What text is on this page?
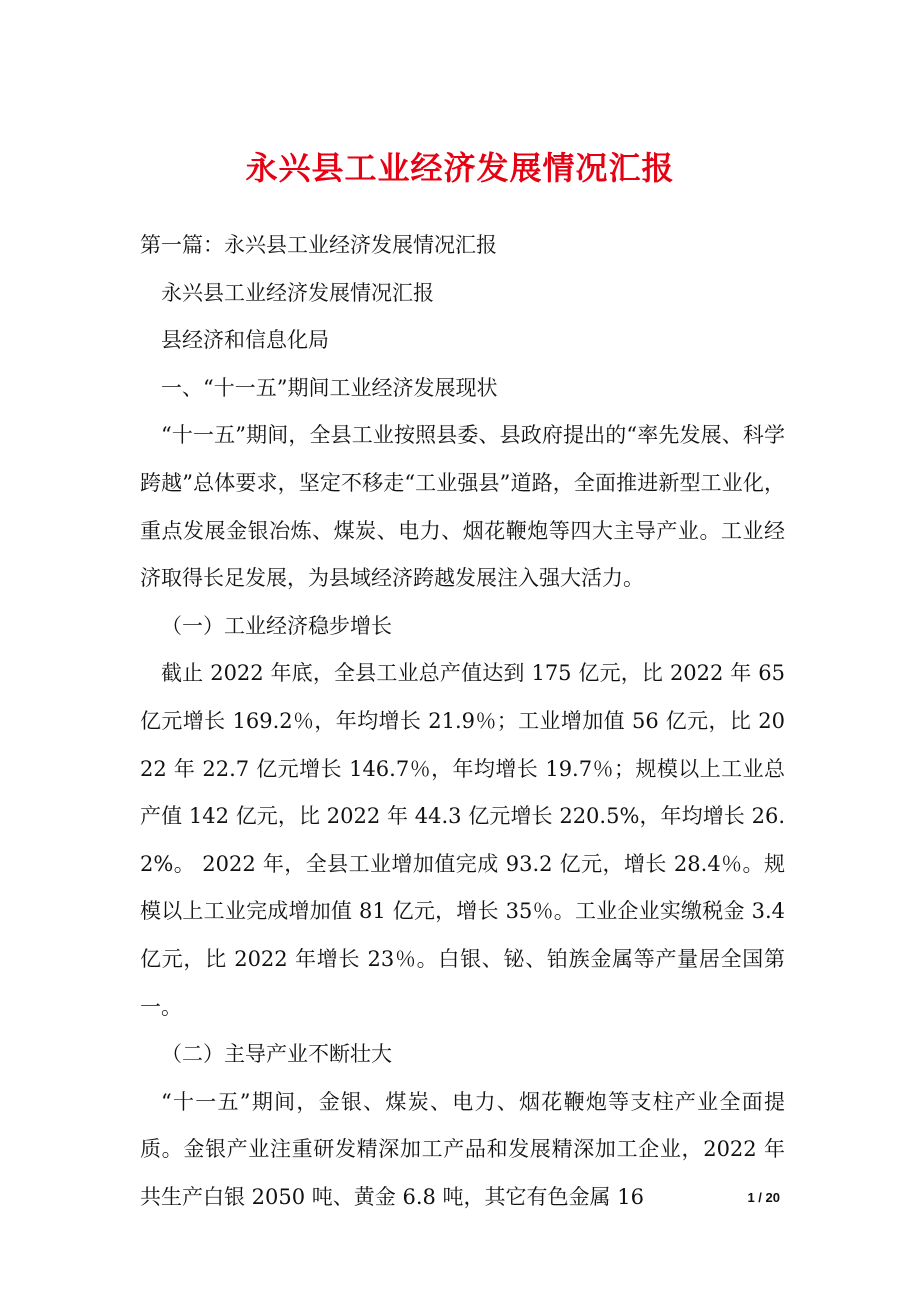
永兴县工业经济发展情况汇报

第一篇：永兴县工业经济发展情况汇报

永兴县工业经济发展情况汇报

县经济和信息化局

一、“十一五”期间工业经济发展现状

“十一五”期间，全县工业按照县委、县政府提出的“率先发展、科学跨越”总体要求，坚定不移走“工业强县”道路，全面推进新型工业化，重点发展金银冶炼、煤炭、电力、烟花鞭炮等四大主导产业。工业经济取得长足发展，为县域经济跨越发展注入强大活力。

（一）工业经济稳步增长

截止 2022 年底，全县工业总产值达到 175 亿元，比 2022 年 65 亿元增长 169.2％，年均增长 21.9％；工业增加值 56 亿元，比 2022 年 22.7 亿元增长 146.7％，年均增长 19.7％；规模以上工业总产值 142 亿元，比 2022 年 44.3 亿元增长 220.5%，年均增长 26.2%。 2022 年，全县工业增加值完成 93.2 亿元，增长 28.4％。规模以上工业完成增加值 81 亿元，增长 35％。工业企业实缴税金 3.4 亿元，比 2022 年增长 23％。白银、铋、铂族金属等产量居全国第一。

（二）主导产业不断壮大

“十一五”期间，金银、煤炭、电力、烟花鞭炮等支柱产业全面提质。金银产业注重研发精深加工产品和发展精深加工企业，2022 年共生产白银 2050 吨、黄金 6.8 吨，其它有色金属 16	1 / 20
